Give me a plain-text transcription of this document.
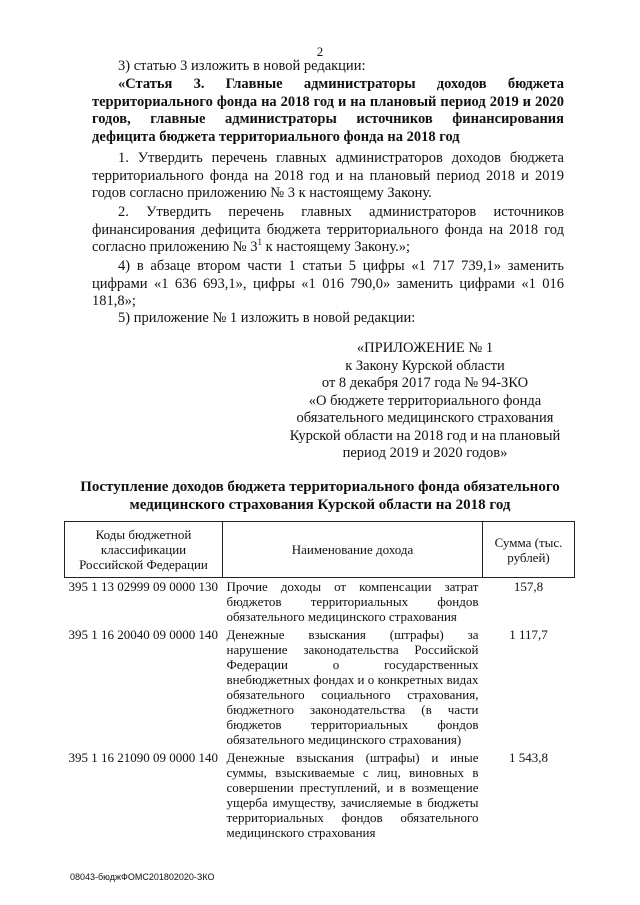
2

3) статью 3 изложить в новой редакции:

«Статья 3. Главные администраторы доходов бюджета территориального фонда на 2018 год и на плановый период 2019 и 2020 годов, главные администраторы источников финансирования дефицита бюджета территориального фонда на 2018 год

1. Утвердить перечень главных администраторов доходов бюджета территориального фонда на 2018 год и на плановый период 2018 и 2019 годов согласно приложению № 3 к настоящему Закону.

2. Утвердить перечень главных администраторов источников финансирования дефицита бюджета территориального фонда на 2018 год согласно приложению № $3^1$ к настоящему Закону.»;

4) в абзаце втором части 1 статьи 5 цифры «1 717 739,1» заменить цифрами «1 636 693,1», цифры «1 016 790,0» заменить цифрами «1 016 181,8»;

5) приложение № 1 изложить в новой редакции:

«ПРИЛОЖЕНИЕ № 1
к Закону Курской области
от 8 декабря 2017 года № 94-ЗКО
«О бюджете территориального фонда
обязательного медицинского страхования
Курской области на 2018 год и на плановый
период 2019 и 2020 годов»
Поступление доходов бюджета территориального фонда обязательного медицинского страхования Курской области на 2018 год
Коды бюджетной классификации Российской Федерации	Наименование дохода	Сумма (тыс. рублей)
395 1 13 02999 09 0000 130	Прочие доходы от компенсации затрат бюджетов территориальных фондов обязательного медицинского страхования	157,8
395 1 16 20040 09 0000 140	Денежные взыскания (штрафы) за нарушение законодательства Российской Федерации о государственных внебюджетных фондах и о конкретных видах обязательного социального страхования, бюджетного законодательства (в части бюджетов территориальных фондов обязательного медицинского страхования)	1 117,7
395 1 16 21090 09 0000 140	Денежные взыскания (штрафы) и иные суммы, взыскиваемые с лиц, виновных в совершении преступлений, и в возмещение ущерба имуществу, зачисляемые в бюджеты территориальных фондов обязательного медицинского страхования	1 543,8
08043-бюджФОМС201802020-ЗКО
